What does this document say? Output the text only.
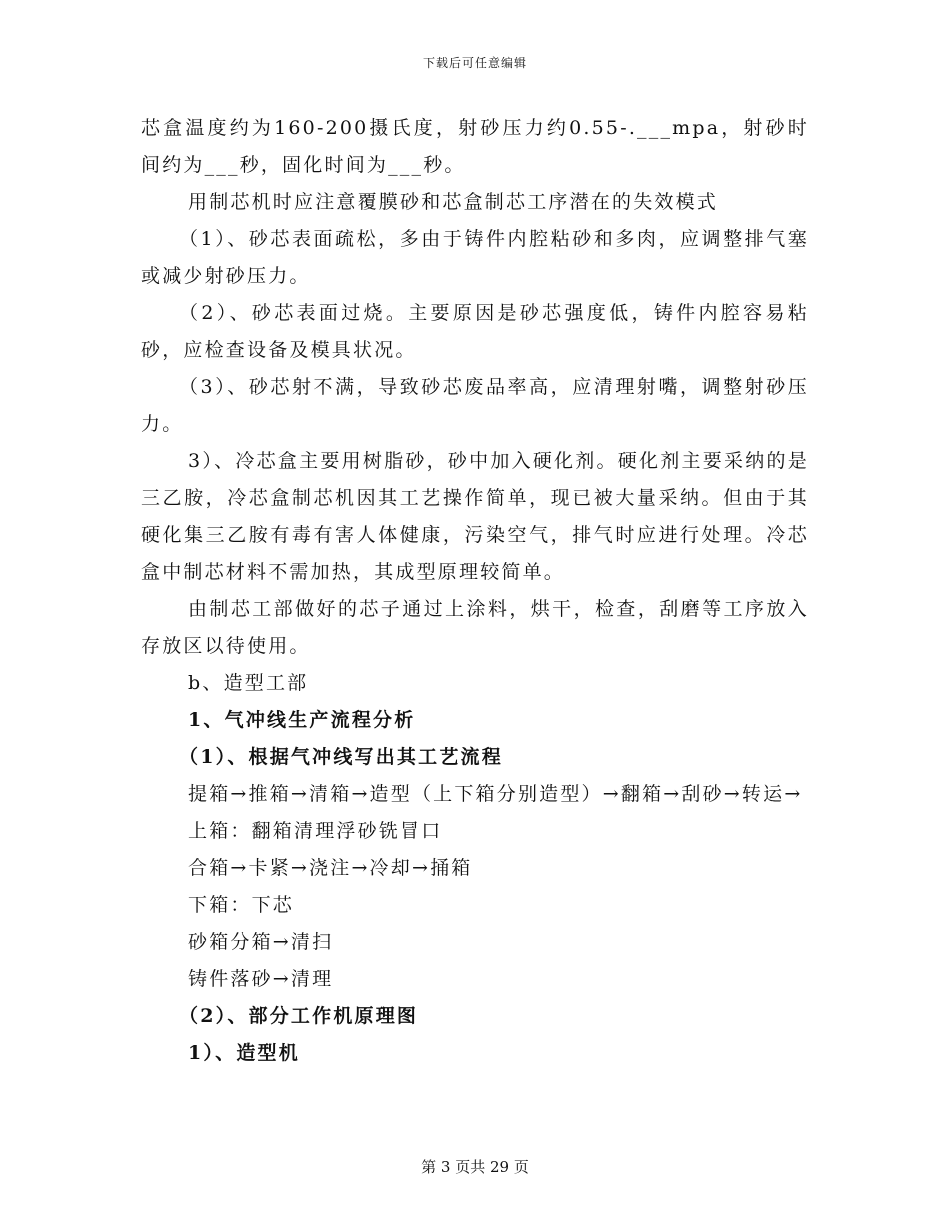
下载后可任意编辑

芯盒温度约为160-200摄氏度，射砂压力约0.55-.___mpa，射砂时间约为___秒，固化时间为___秒。

用制芯机时应注意覆膜砂和芯盒制芯工序潜在的失效模式

（1）、砂芯表面疏松，多由于铸件内腔粘砂和多肉，应调整排气塞或减少射砂压力。

（2）、砂芯表面过烧。主要原因是砂芯强度低，铸件内腔容易粘砂，应检查设备及模具状况。

（3）、砂芯射不满，导致砂芯废品率高，应清理射嘴，调整射砂压力。

3）、冷芯盒主要用树脂砂，砂中加入硬化剂。硬化剂主要采纳的是三乙胺，冷芯盒制芯机因其工艺操作简单，现已被大量采纳。但由于其硬化集三乙胺有毒有害人体健康，污染空气，排气时应进行处理。冷芯盒中制芯材料不需加热，其成型原理较简单。

由制芯工部做好的芯子通过上涂料，烘干，检查，刮磨等工序放入存放区以待使用。

b、造型工部

1、气冲线生产流程分析

（1）、根据气冲线写出其工艺流程

提箱→推箱→清箱→造型（上下箱分别造型）→翻箱→刮砂→转运→

上箱：翻箱清理浮砂铣冒口

合箱→卡紧→浇注→冷却→捅箱

下箱：下芯

砂箱分箱→清扫

铸件落砂→清理

（2）、部分工作机原理图

1）、造型机

第 3 页共 29 页
